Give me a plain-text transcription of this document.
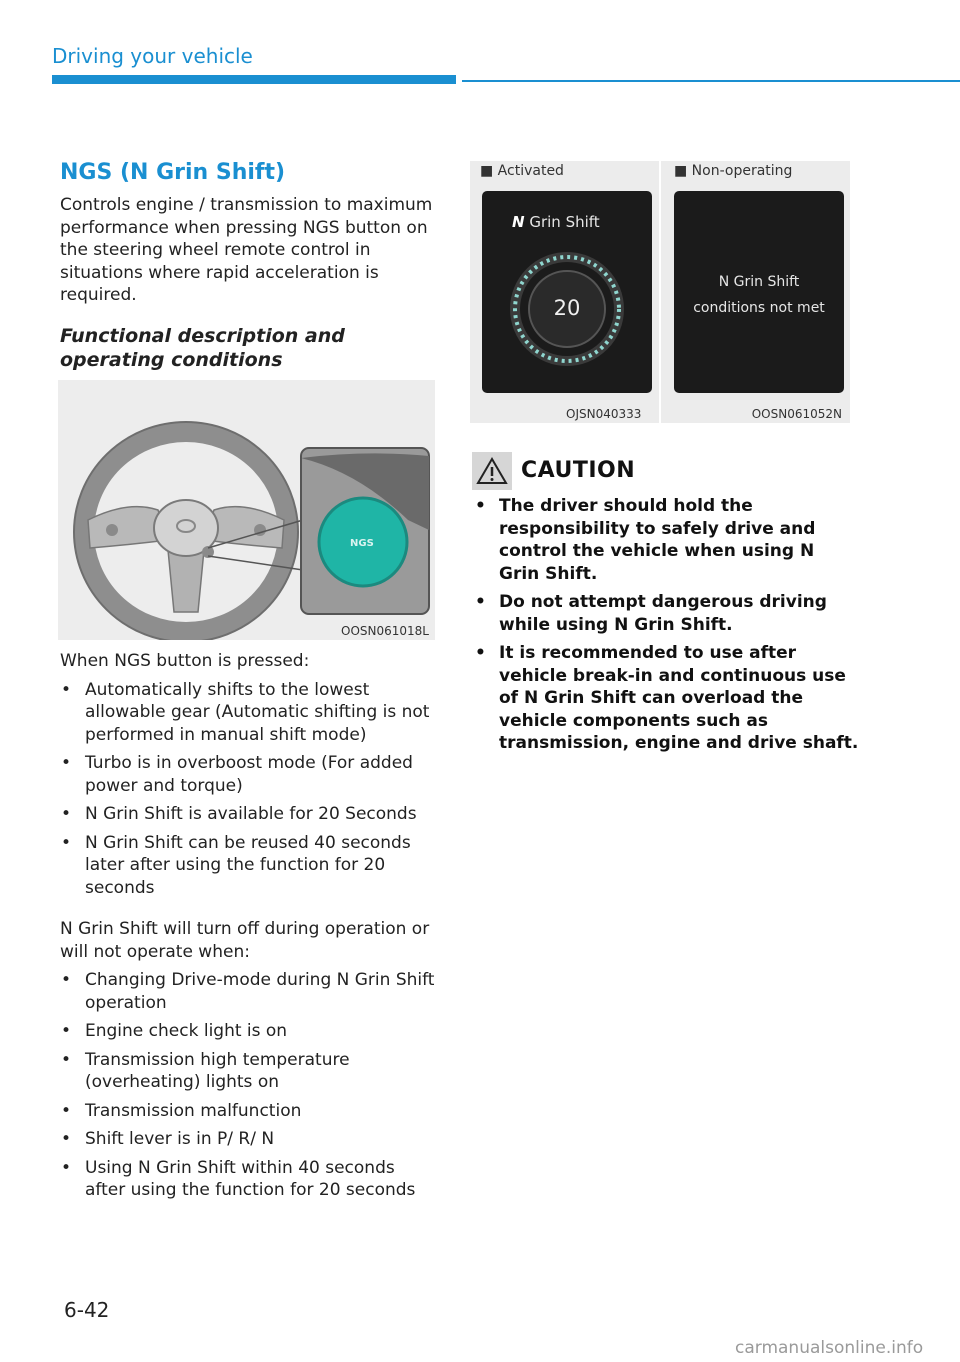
Driving your vehicle
NGS (N Grin Shift)
Controls engine / transmission to maximum performance when pressing NGS button on the steering wheel remote control in situations where rapid acceleration is required.
Functional description and operating conditions
NGS
OOSN061018L
When NGS button is pressed:
• Automatically shifts to the lowest allowable gear (Automatic shifting is not performed in manual shift mode)
• Turbo is in overboost mode (For added power and torque)
• N Grin Shift is available for 20 Seconds
• N Grin Shift can be reused 40 seconds later after using the function for 20 seconds
N Grin Shift will turn off during operation or will not operate when:
• Changing Drive-mode during N Grin Shift operation
• Engine check light is on
• Transmission high temperature (overheating) lights on
• Transmission malfunction
• Shift lever is in P/ R/ N
• Using N Grin Shift within 40 seconds after using the function for 20 seconds
■ Activated
N Grin Shift
20
OJSN040333
■ Non-operating
N Grin Shift
conditions not met
OOSN061052N
CAUTION
• The driver should hold the responsibility to safely drive and control the vehicle when using N Grin Shift.
• Do not attempt dangerous driving while using N Grin Shift.
• It is recommended to use after vehicle break-in and continuous use of N Grin Shift can overload the vehicle components such as transmission, engine and drive shaft.
6-42
carmanualsonline.info
